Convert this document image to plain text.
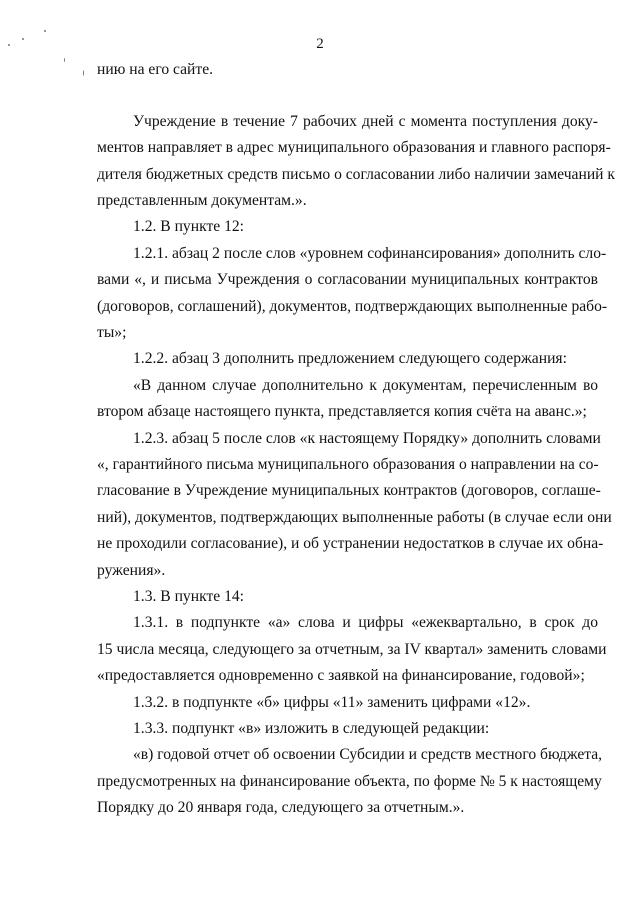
2
нию на его сайте.
Учреждение в течение 7 рабочих дней с момента поступления доку-
ментов направляет в адрес муниципального образования и главного распоря-
дителя бюджетных средств письмо о согласовании либо наличии замечаний к
представленным документам.».
1.2. В пункте 12:
1.2.1. абзац 2 после слов «уровнем софинансирования» дополнить сло-
вами «, и письма Учреждения о согласовании муниципальных контрактов
(договоров, соглашений), документов, подтверждающих выполненные рабо-
ты»;
1.2.2. абзац 3 дополнить предложением следующего содержания:
«В данном случае дополнительно к документам, перечисленным во
втором абзаце настоящего пункта, представляется копия счёта на аванс.»;
1.2.3. абзац 5 после слов «к настоящему Порядку» дополнить словами
«, гарантийного письма муниципального образования о направлении на со-
гласование в Учреждение муниципальных контрактов (договоров, соглаше-
ний), документов, подтверждающих выполненные работы (в случае если они
не проходили согласование), и об устранении недостатков в случае их обна-
ружения».
1.3. В пункте 14:
1.3.1. в подпункте «а» слова и цифры «ежеквартально, в срок до
15 числа месяца, следующего за отчетным, за IV квартал» заменить словами
«предоставляется одновременно с заявкой на финансирование, годовой»;
1.3.2. в подпункте «б» цифры «11» заменить цифрами «12».
1.3.3. подпункт «в» изложить в следующей редакции:
«в) годовой отчет об освоении Субсидии и средств местного бюджета,
предусмотренных на финансирование объекта, по форме № 5 к настоящему
Порядку до 20 января года, следующего за отчетным.».
